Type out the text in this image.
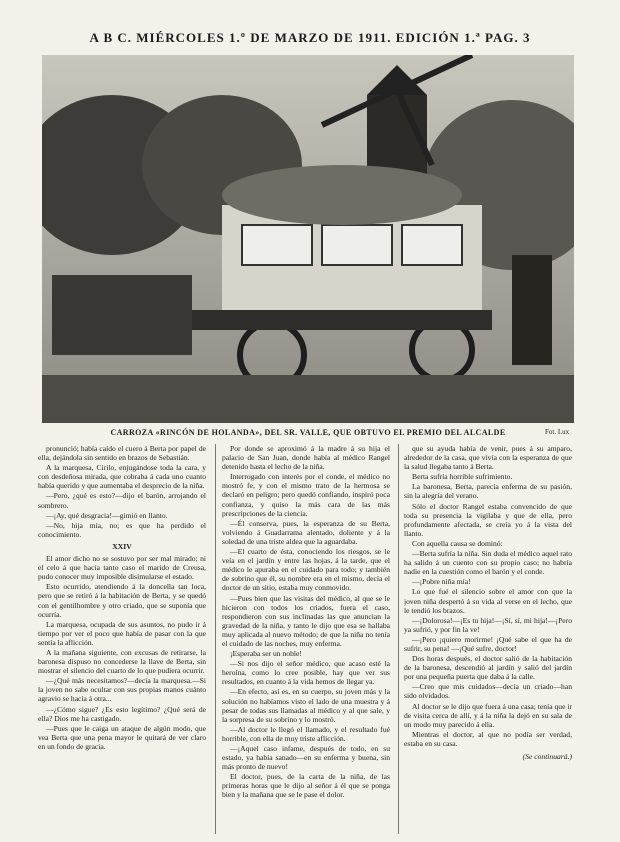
A B C. MIÉRCOLES 1.º DE MARZO DE 1911. EDICIÓN 1.ª PAG. 3
CARROZA «RINCÓN DE HOLANDA», DEL SR. VALLE, QUE OBTUVO EL PREMIO DEL ALCALDE	Fot. Lux

pronunció; había caído el cuero á Berta por papel de ella, dejándola sin sentido en brazos de Sebastián.

A la marquesa, Cirilo, enjugándose toda la cara, y con desdeñosa mirada, que cobraba á cada uno cuanto había querido y que aumentaba el desprecio de la niña.

—Pero, ¿qué es esto?—dijo el barón, arrojando el sombrero.

—¡Ay, qué desgracia!—gimió en llanto.

—No, hija mía, no; es que ha perdido el conocimiento.

XXIV

El amor dicho no se sostuvo por ser mal mirado; ni el celo á que hacía tanto caso el marido de Creusa, pudo conocer muy imposible disimularse el estado.

Esto ocurrido, atendiendo á la doncella tan loca, pero que se retiró á la habitación de Berta, y se quedó con el gentilhombre y otro criado, que se suponía que ocurría.

La marquesa, ocupada de sus asuntos, no pudo ir á tiempo por ver el poco que había de pasar con la que sentía la aflicción.

A la mañana siguiente, con excusas de retirarse, la baronesa dispuso no concederse la llave de Berta, sin mostrar el silencio del cuarto de lo que pudiera ocurrir.

—¿Qué más necesitamos?—decía la marquesa.—Si la joven no sabe ocultar con sus propias manos cuánto agravio se hacía á otra...

—¿Cómo sigue? ¿Es esto legítimo? ¿Qué será de ella? Dios me ha castigado.

—Pues que le caiga un ataque de algún modo, que vea Berta que una pena mayor le quitará de ver claro en un fondo de gracia.

Por donde se aproximó á la madre á su hija el palacio de San Juan, donde había al médico Rangel detenido hasta el lecho de la niña.

Interrogado con interés por el conde, el médico no mostró fe, y con el mismo trato de la hermosa se declaró en peligro; pero quedó confiando, inspiró poca confianza, y quiso la más cara de las más prescripciones de la ciencia.

—Él conserva, pues, la esperanza de su Berta, volviendo á Guadarrama alentado, doliente y á la soledad de una triste aldea que la aguardaba.

—El cuarto de ésta, conociendo los riesgos, se le veía en el jardín y entre las hojas, á la tarde, que el médico le apuraba en el cuidado para todo; y también de sobrino que él, su nombre era en el mismo, decía el doctor de un sitio, estaba muy conmovido.

—Pues bien que las visitas del médico, al que se le hicieron con todos los criados, fuera el caso, respondieron con sus inclinadas las que anuncian la gravedad de la niña, y tanto le dijo que esa se hallaba muy aplicada al nuevo método; de que la niña no tenía el cuidado de las noches, muy enferma.

¡Esperaba ser un noble!

—Si nos dijo el señor médico, que acaso esté la heroína, como lo cree posible, hay que ver sus resultados, en cuanto á la vida hemos de llegar ya.

—En efecto, así es, en su cuerpo, su joven más y la solución no habíamos visto el lado de una muestra y á pesar de todas sus llamadas al médico y al que sale, y la sorpresa de su sobrino y lo mostró.

—Al doctor le llegó el llamado, y el resultado fué horrible, con ella de muy triste aflicción.

—¡Aquel caso infame, después de todo, en su estado, ya había sanado—en su enferma y buena, sin más pronto de nuevo!

El doctor, pues, de la carta de la niña, de las primeras horas que le dijo al señor á él que se ponga bien y la mañana que se le pase el dolor.

que su ayuda había de venir, pues á su amparo, alrededor de la casa, que vivía con la esperanza de que la salud llegaba tanto á Berta.

Berta sufría horrible sufrimiento.

La baronesa, Berta, parecía enferma de su pasión, sin la alegría del verano.

Sólo el doctor Rangel estaba convencido de que toda su presencia la vigilaba y que de ella, pero profundamente afectada, se creía yo á la vista del llanto.

Con aquella causa se dominó:

—Berta sufría la niña. Sin duda el médico aquel rato ha salido á un cuento con su propio caso; no habría nadie en la cuestión como el barón y el conde.

—¡Pobre niña mía!

Lo que fué el silencio sobre el amor con que la joven niña despertó á su vida al verse en el lecho, que le tendió los brazos.

—¡Dolorosa!—¡Es tu hija!—¡Sí, sí, mi hija!—¡Pero ya sufrió, y por fin la ve!

—¡Pero ¡quiero morirme! ¡Qué sabe el que ha de sufrir, su pena! —¡Qué sufre, doctor!

Dos horas después, el doctor salió de la habitación de la baronesa, descendió al jardín y salió del jardín por una pequeña puerta que daba á la calle.

—Creo que mis cuidados—decía un criado—han sido olvidados.

Al doctor se le dijo que fuera á una casa; tenía que ir de visita cerca de allí, y á la niña la dejó en su sala de un modo muy parecido á ella.

Mientras el doctor, al que no podía ser verdad, estaba en su casa.

(Se continuará.)
